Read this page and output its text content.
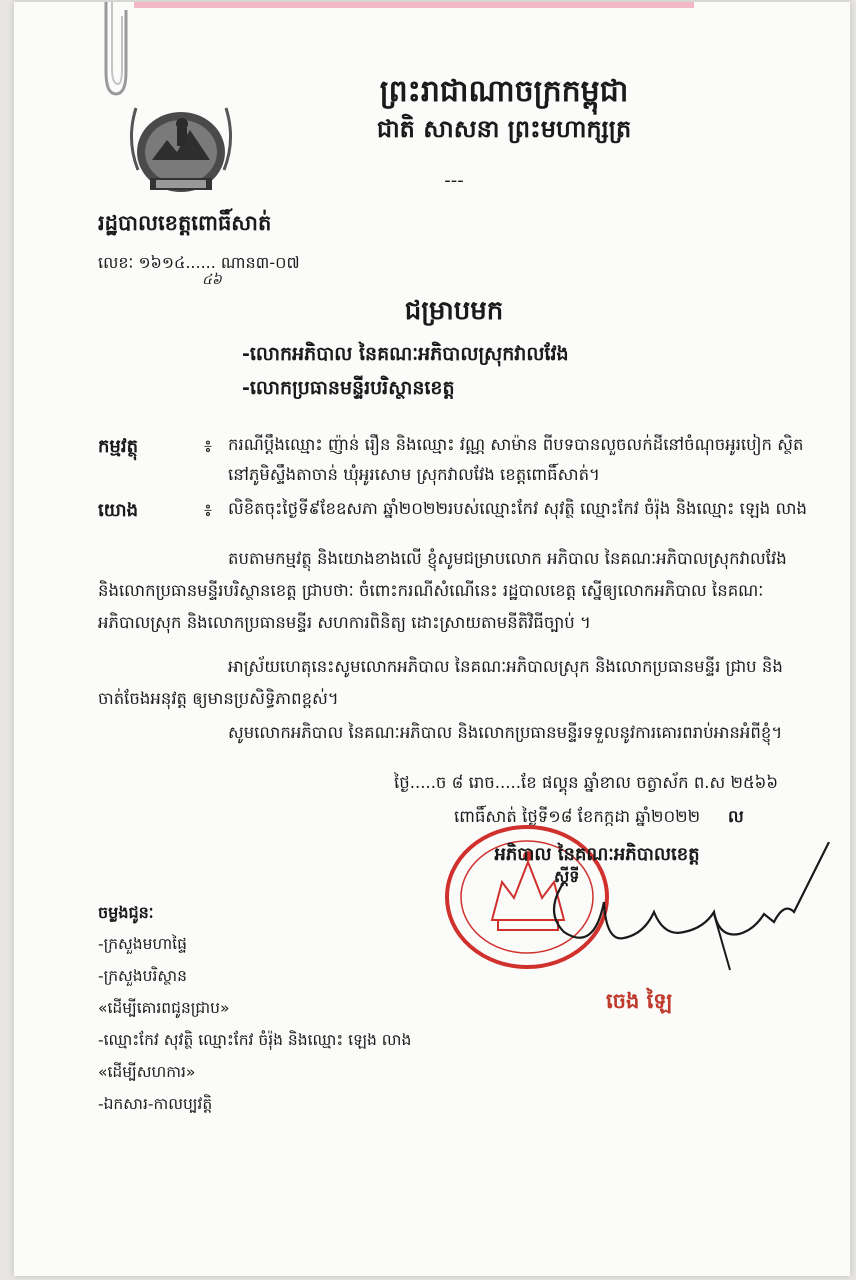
ព្រះរាជាណាចក្រកម្ពុជា
ជាតិ សាសនា ព្រះមហាក្សត្រ
---
រដ្ឋបាលខេត្តពោធិ៍សាត់
លេខៈ ១៦១៤...... ណាន៣-០៧
៤៦
ជម្រាបមក
-លោកអភិបាល នៃគណៈអភិបាលស្រុកវាលវែង
-លោកប្រធានមន្ទីរបរិស្ថានខេត្ត
កម្មវត្ថុ	៖ ករណីប្ដឹងឈ្មោះ ញ៉ាន់ រឿន និងឈ្មោះ វណ្ណ សាម៉ាន ពីបទបានលួចលក់ដីនៅចំណុចអូរបៀក ស្ថិត
នៅភូមិស្ទឹងតាចាន់ ឃុំអូរសោម ស្រុកវាលវែង ខេត្តពោធិ៍សាត់។
យោង	៖ លិខិតចុះថ្ងៃទី៩ខែឧសភា ឆ្នាំ២០២២របស់ឈ្មោះកែវ សុវត្ថិ ឈ្មោះកែវ ចំរ៉ុង និងឈ្មោះ ឡេង លាង
តបតាមកម្មវត្ថុ និងយោងខាងលើ ខ្ញុំសូមជម្រាបលោក អភិបាល នៃគណៈអភិបាលស្រុកវាលវែង
និងលោកប្រធានមន្ទីរបរិស្ថានខេត្ត ជ្រាបថាៈ ចំពោះករណីសំណើនេះ រដ្ឋបាលខេត្ត ស្នើឲ្យលោកអភិបាល នៃគណៈ
អភិបាលស្រុក និងលោកប្រធានមន្ទីរ សហការពិនិត្យ ដោះស្រាយតាមនីតិវិធីច្បាប់ ។
អាស្រ័យហេតុនេះសូមលោកអភិបាល នៃគណៈអភិបាលស្រុក និងលោកប្រធានមន្ទីរ ជ្រាប និង
ចាត់ចែងអនុវត្ត ឲ្យមានប្រសិទ្ធិភាពខ្ពស់។
សូមលោកអភិបាល នៃគណៈអភិបាល និងលោកប្រធានមន្ទីរទទួលនូវការគោរពរាប់អានអំពីខ្ញុំ។
ថ្ងៃ.....ច ៨ រោច.....ខែ ផល្គុន ឆ្នាំខាល ចត្វាស័ក ព.ស ២៥៦៦
ពោធិ៍សាត់ ថ្ងៃទី១៨ ខែកក្កដា ឆ្នាំ២០២២ ល
អភិបាល នៃគណៈអភិបាលខេត្ត
ស្ដីទី
ចេង ឡៃ
ចម្លងជូនៈ
-ក្រសួងមហាផ្ទៃ
-ក្រសួងបរិស្ថាន
«ដើម្បីគោរពជូនជ្រាប»
-ឈ្មោះកែវ សុវត្ថិ ឈ្មោះកែវ ចំរ៉ុង និងឈ្មោះ ឡេង លាង
«ដើម្បីសហការ»
-ឯកសារ-កាលប្បវត្តិ
